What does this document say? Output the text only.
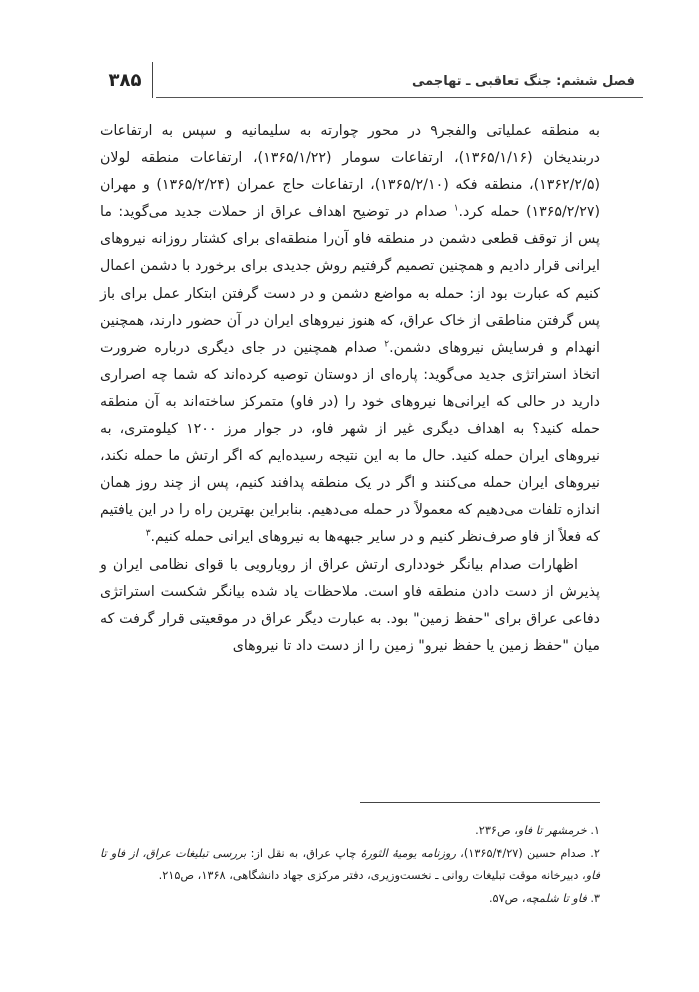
۳۸۵	فصل ششم: جنگ تعاقبی ـ تهاجمی

به منطقه عملیاتی والفجر۹ در محور چوارته به سلیمانیه و سپس به ارتفاعات دربندیخان (۱۳۶۵/۱/۱۶)، ارتفاعات سومار (۱۳۶۵/۱/۲۲)، ارتفاعات منطقه لولان (۱۳۶۲/۲/۵)، منطقه فکه (۱۳۶۵/۲/۱۰)، ارتفاعات حاج عمران (۱۳۶۵/۲/۲۴) و مهران (۱۳۶۵/۲/۲۷) حمله کرد.$^۱$ صدام در توضیح اهداف عراق از حملات جدید می‌گوید: ما پس از توقف قطعی دشمن در منطقه فاو آن‌را منطقه‌ای برای کشتار روزانه نیروهای ایرانی قرار دادیم و همچنین تصمیم گرفتیم روش جدیدی برای برخورد با دشمن اعمال کنیم که عبارت بود از: حمله به مواضع دشمن و در دست گرفتن ابتکار عمل برای باز پس گرفتن مناطقی از خاک عراق، که هنوز نیروهای ایران در آن حضور دارند، همچنین انهدام و فرسایش نیروهای دشمن.$^۲$ صدام همچنین در جای دیگری درباره ضرورت اتخاذ استراتژی جدید می‌گوید: پاره‌ای از دوستان توصیه کرده‌اند که شما چه اصراری دارید در حالی که ایرانی‌ها نیروهای خود را (در فاو) متمرکز ساخته‌اند به آن منطقه حمله کنید؟ به اهداف دیگری غیر از شهر فاو، در جوار مرز ۱۲۰۰ کیلومتری، به نیروهای ایران حمله کنید. حال ما به این نتیجه رسیده‌ایم که اگر ارتش ما حمله نکند، نیروهای ایران حمله می‌کنند و اگر در یک منطقه پدافند کنیم، پس از چند روز همان اندازه تلفات می‌دهیم که معمولاً در حمله می‌دهیم. بنابراین بهترین راه را در این یافتیم که فعلاً از فاو صرف‌نظر کنیم و در سایر جبهه‌ها به نیروهای ایرانی حمله کنیم.$^۳$

اظهارات صدام بیانگر خودداری ارتش عراق از رویارویی با قوای نظامی ایران و پذیرش از دست دادن منطقه فاو است. ملاحظات یاد شده بیانگر شکست استراتژی دفاعی عراق برای "حفظ زمین" بود. به عبارت دیگر عراق در موقعیتی قرار گرفت که میان "حفظ زمین یا حفظ نیرو" زمین را از دست داد تا نیروهای

۱. خرمشهر تا فاو، ص۲۳۶.

۲. صدام حسین (۱۳۶۵/۴/۲۷)، روزنامه یومیهٔ الثورهٔ چاپ عراق، به نقل از: بررسی تبلیغات عراق، از فاو تا فاو، دبیرخانه موقت تبلیغات روانی ـ نخست‌وزیری، دفتر مرکزی جهاد دانشگاهی، ۱۳۶۸، ص۲۱۵.

۳. فاو تا شلمچه، ص۵۷.
